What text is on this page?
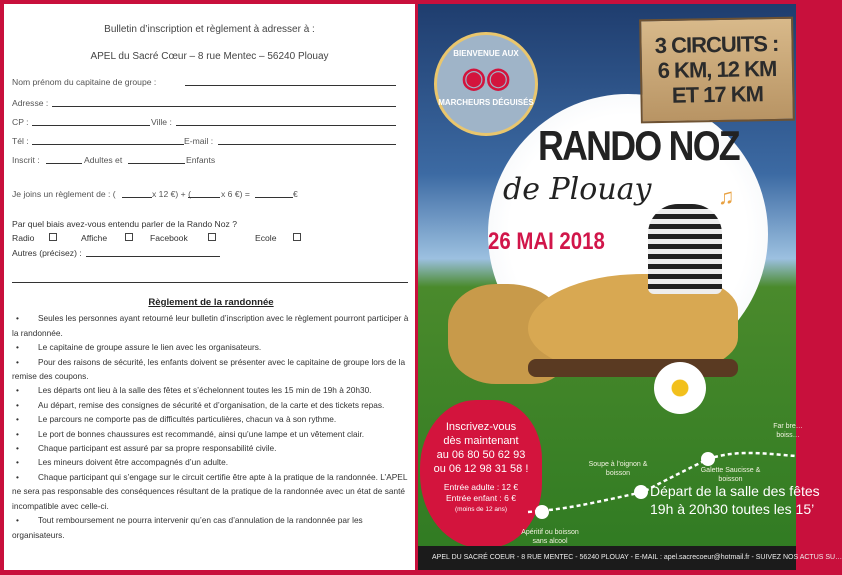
Bulletin d’inscription et règlement à adresser à :
APEL du Sacré Cœur – 8 rue Mentec – 56240 Plouay
Nom prénom du capitaine de groupe :
Adresse :
CP :	Ville :
Tél :	E-mail :
Inscrit :	Adultes et	Enfants
Je joins un règlement de : (	x 12 €) + (	x 6 €) =	€
Par quel biais avez-vous entendu parler de la Rando Noz ?
Radio	Affiche	Facebook	Ecole
Autres (précisez) :
Règlement de la randonnée

• Seules les personnes ayant retourné leur bulletin d’inscription avec le règlement pourront participer à la randonnée.

• Le capitaine de groupe assure le lien avec les organisateurs.

• Pour des raisons de sécurité, les enfants doivent se présenter avec le capitaine de groupe lors de la remise des coupons.

• Les départs ont lieu à la salle des fêtes et s’échelonnent toutes les 15 min de 19h à 20h30.

• Au départ, remise des consignes de sécurité et d’organisation, de la carte et des tickets repas.

• Le parcours ne comporte pas de difficultés particulières, chacun va à son rythme.

• Le port de bonnes chaussures est recommandé, ainsi qu’une lampe et un vêtement clair.

• Chaque participant est assuré par sa propre responsabilité civile.

• Les mineurs doivent être accompagnés d’un adulte.

• Chaque participant qui s’engage sur le circuit certifie être apte à la pratique de la randonnée. L’APEL ne sera pas responsable des conséquences résultant de la pratique de la randonnée avec un état de santé incompatible avec celle-ci.

• Tout remboursement ne pourra intervenir qu’en cas d’annulation de la randonnée par les organisateurs.

BIENVENUE AUX
◉◉
MARCHEURS DÉGUISÉS
3 CIRCUITS :
6 KM, 12 KM
ET 17 KM
RANDO NOZ
de Plouay
26 MAI 2018
♫
Inscrivez-vous
dès maintenant
au 06 80 50 62 93
ou 06 12 98 31 58 !
Entrée adulte : 12 €
Entrée enfant : 6 €
(moins de 12 ans)
Apéritif ou boisson sans alcool
Soupe à l’oignon & boisson	Galette Saucisse & boisson
Far bre… boiss…
Départ de la salle des fêtes
19h à 20h30 toutes les 15’
APEL DU SACRÉ COEUR - 8 RUE MENTEC - 56240 PLOUAY - E-MAIL : apel.sacrecoeur@hotmail.fr - SUIVEZ NOS ACTUS SU…
